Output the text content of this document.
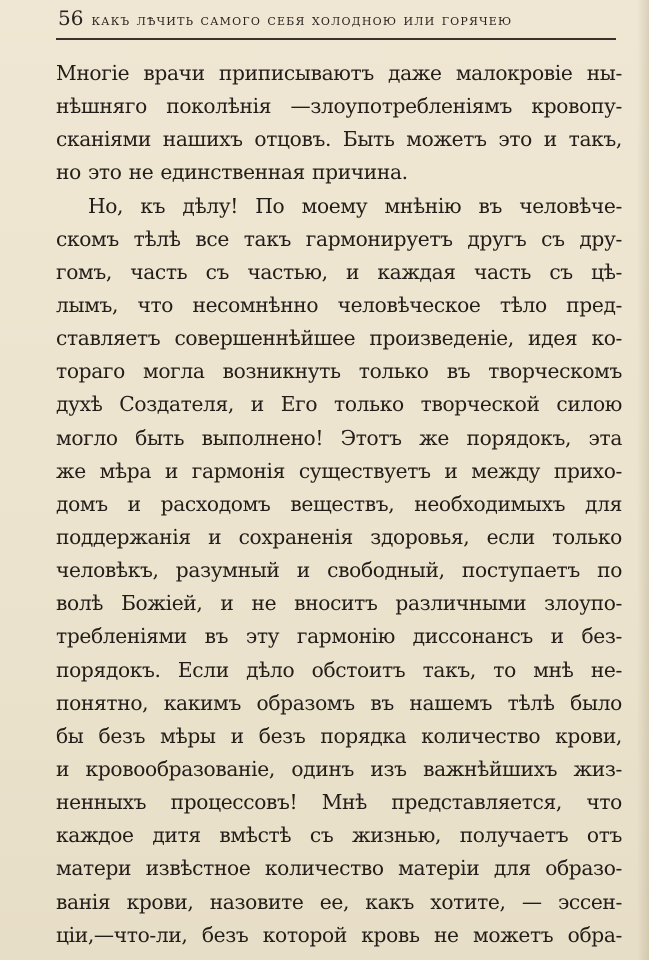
56 какъ лѣчить самого себя холодною или горячею
Многіе врачи приписываютъ даже малокровіе ны-
нѣшняго поколѣнія —злоупотребленіямъ кровопу-
сканіями нашихъ отцовъ. Быть можетъ это и такъ,
но это не единственная причина.
Но, къ дѣлу! По моему мнѣнію въ человѣче-
скомъ тѣлѣ все такъ гармонируетъ другъ съ дру-
гомъ, часть съ частью, и каждая часть съ цѣ-
лымъ, что несомнѣнно человѣческое тѣло пред-
ставляетъ совершеннѣйшее произведеніе, идея ко-
тораго могла возникнуть только въ творческомъ
духѣ Создателя, и Его только творческой силою
могло быть выполнено! Этотъ же порядокъ, эта
же мѣра и гармонія существуетъ и между прихо-
домъ и расходомъ веществъ, необходимыхъ для
поддержанія и сохраненія здоровья, если только
человѣкъ, разумный и свободный, поступаетъ по
волѣ Божіей, и не вноситъ различными злоупо-
требленіями въ эту гармонію диссонансъ и без-
порядокъ. Если дѣло обстоитъ такъ, то мнѣ не-
понятно, какимъ образомъ въ нашемъ тѣлѣ было
бы безъ мѣры и безъ порядка количество крови,
и кровообразованіе, одинъ изъ важнѣйшихъ жиз-
ненныхъ процессовъ! Мнѣ представляется, что
каждое дитя вмѣстѣ съ жизнью, получаетъ отъ
матери извѣстное количество матеріи для образо-
ванія крови, назовите ее, какъ хотите, — эссен-
ціи,—что-ли, безъ которой кровь не можетъ обра-
